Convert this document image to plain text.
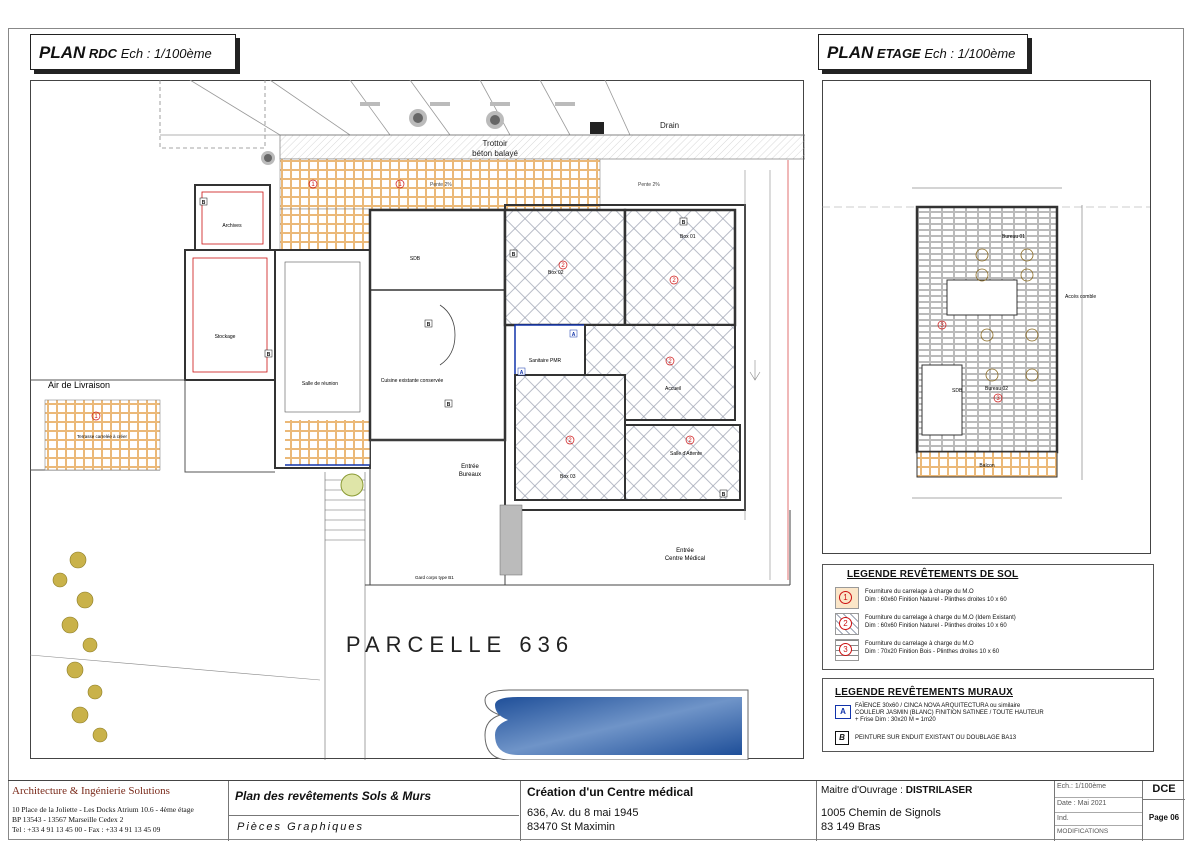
PLAN RDC Ech : 1/100ème	PLAN ETAGE Ech : 1/100ème
Drain
Trottoir
béton balayé
Pente 2%	Pente 2%
Archives
Stockage
Salle de réunion
SDB
Cuisine existante conservée
Box 02
Box 01
Sanitaire PMR
Accueil
Box 03
Salle d'Attente
Air de Livraison
Terrasse carrelée à créer
Entrée
Bureaux
Gard corps type B1
Entrée
Centre Médical
PARCELLE 636
1	1
1
2
2
2
2	2
B
B
B
B
B
B
B
A
A
SDB
Bureau 01
Bureau 02
Accès comble
Balcon
3
3
LEGENDE REVÊTEMENTS DE SOL
1
Fourniture du carrelage à charge du M.O
Dim : 60x60 Finition Naturel - Plinthes droites 10 x 60
2
Fourniture du carrelage à charge du M.O (Idem Existant)
Dim : 60x60 Finition Naturel - Plinthes droites 10 x 60
3
Fourniture du carrelage à charge du M.O
Dim : 70x20 Finition Bois - Plinthes droites 10 x 60
LEGENDE REVÊTEMENTS MURAUX
A
FAÏENCE 30x60 / CINCA NOVA ARQUITECTURA ou similaire
COULEUR JASMIN (BLANC) FINITION SATINEE / TOUTE HAUTEUR
+ Frise Dim : 30x20 M = 1m20
B	PEINTURE SUR ENDUIT EXISTANT OU DOUBLAGE BA13
Architecture & Ingénierie Solutions
10 Place de la Joliette - Les Docks Atrium 10.6 - 4ème étage
BP 13543 - 13567 Marseille Cedex 2
Tel : +33 4 91 13 45 00 - Fax : +33 4 91 13 45 09
Plan des revêtements Sols & Murs
Pièces Graphiques
Création d'un Centre médical
636, Av. du 8 mai 1945
83470 St Maximin
Maitre d'Ouvrage : DISTRILASER
1005 Chemin de Signols
83 149 Bras
Ech.: 1/100ème
Date : Mai 2021
Ind.
MODIFICATIONS
DCE
Page 06
